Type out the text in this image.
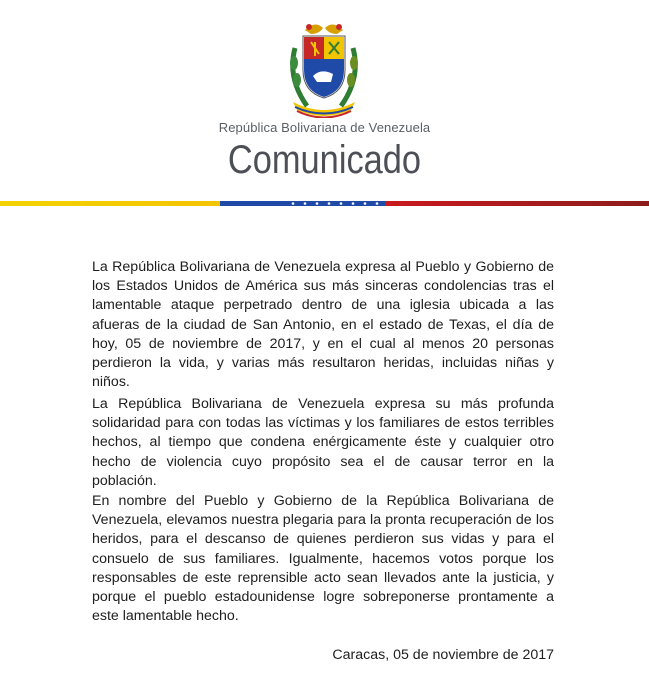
República Bolivariana de Venezuela
Comunicado
La República Bolivariana de Venezuela expresa al Pueblo y Gobierno de los Estados Unidos de América sus más sinceras condolencias tras el lamentable ataque perpetrado dentro de una iglesia ubicada a las afueras de la ciudad de San Antonio, en el estado de Texas, el día de hoy, 05 de noviembre de 2017, y en el cual al menos 20 personas perdieron la vida, y varias más resultaron heridas, incluidas niñas y niños.
La República Bolivariana de Venezuela expresa su más profunda solidaridad para con todas las víctimas y los familiares de estos terribles hechos, al tiempo que condena enérgicamente éste y cualquier otro hecho de violencia cuyo propósito sea el de causar terror en la población.
En nombre del Pueblo y Gobierno de la República Bolivariana de Venezuela, elevamos nuestra plegaria para la pronta recuperación de los heridos, para el descanso de quienes perdieron sus vidas y para el consuelo de sus familiares. Igualmente, hacemos votos porque los responsables de este reprensible acto sean llevados ante la justicia, y porque el pueblo estadounidense logre sobreponerse prontamente a este lamentable hecho.
Caracas, 05 de noviembre de 2017
